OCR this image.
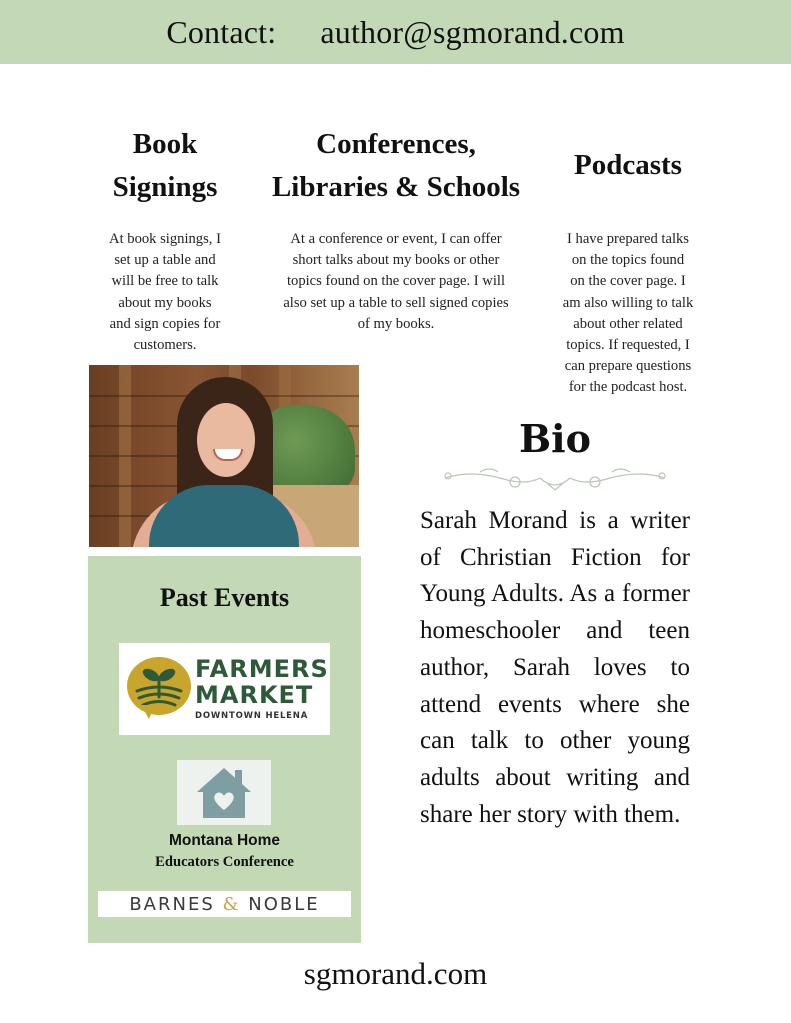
Contact: author@sgmorand.com
Book
Signings

At book signings, I
set up a table and
will be free to talk
about my books
and sign copies for
customers.

Conferences,
Libraries & Schools

At a conference or event, I can offer
short talks about my books or other
topics found on the cover page. I will
also set up a table to sell signed copies
of my books.

Podcasts

I have prepared talks
on the topics found
on the cover page. I
am also willing to talk
about other related
topics. If requested, I
can prepare questions
for the podcast host.

Bio

Sarah Morand is a writer of Christian Fiction for Young Adults. As a former homeschooler and teen author, Sarah loves to attend events where she can talk to other young adults about writing and share her story with them.

Past Events
FARMERS
MARKET
DOWNTOWN HELENA
Montana Home
Educators Conference
BARNES & NOBLE
sgmorand.com
